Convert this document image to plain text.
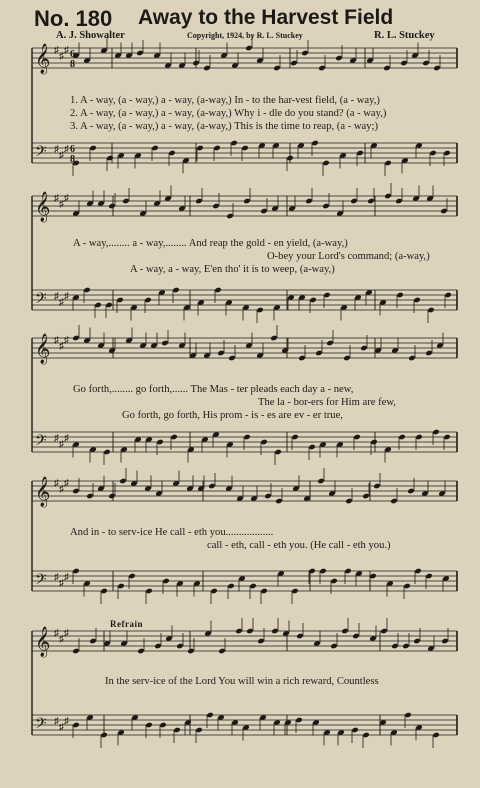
No. 180 Away to the Harvest Field
A. J. Showalter	Copyright, 1924, by R. L. Stuckey	R. L. Stuckey
Refrain
𝄞 ♯
♯
♯
𝄢 ♯
♯
♯
𝄞 ♯
♯
♯
𝄢 ♯
♯
♯
𝄞 ♯
♯
♯
𝄢 ♯
♯
♯
𝄞 ♯
♯
♯
𝄢 ♯
♯
♯
𝄞 ♯
♯
♯
𝄢 ♯
♯
♯
6
8
6
8
1. A - way, (a - way,) a - way, (a-way,) In - to the har-vest field, (a - way,)
2. A - way, (a - way,) a - way, (a-way,) Why i - dle do you stand? (a - way,)
3. A - way, (a - way,) a - way, (a-way,) This is the time to reap, (a - way;)
A - way,........ a - way,........ And reap the gold - en yield, (a-way,)
O-bey your Lord's command; (a-way,)
A - way, a - way, E'en tho' it is to weep, (a-way,)
Go forth,........ go forth,...... The Mas - ter pleads each day a - new,
The la - bor-ers for Him are few,
Go forth, go forth, His prom - is - es are ev - er true,
And in - to serv-ice He call - eth you..................
call - eth, call - eth you. (He call - eth you.)
In the serv-ice of the Lord You will win a rich reward, Countless
